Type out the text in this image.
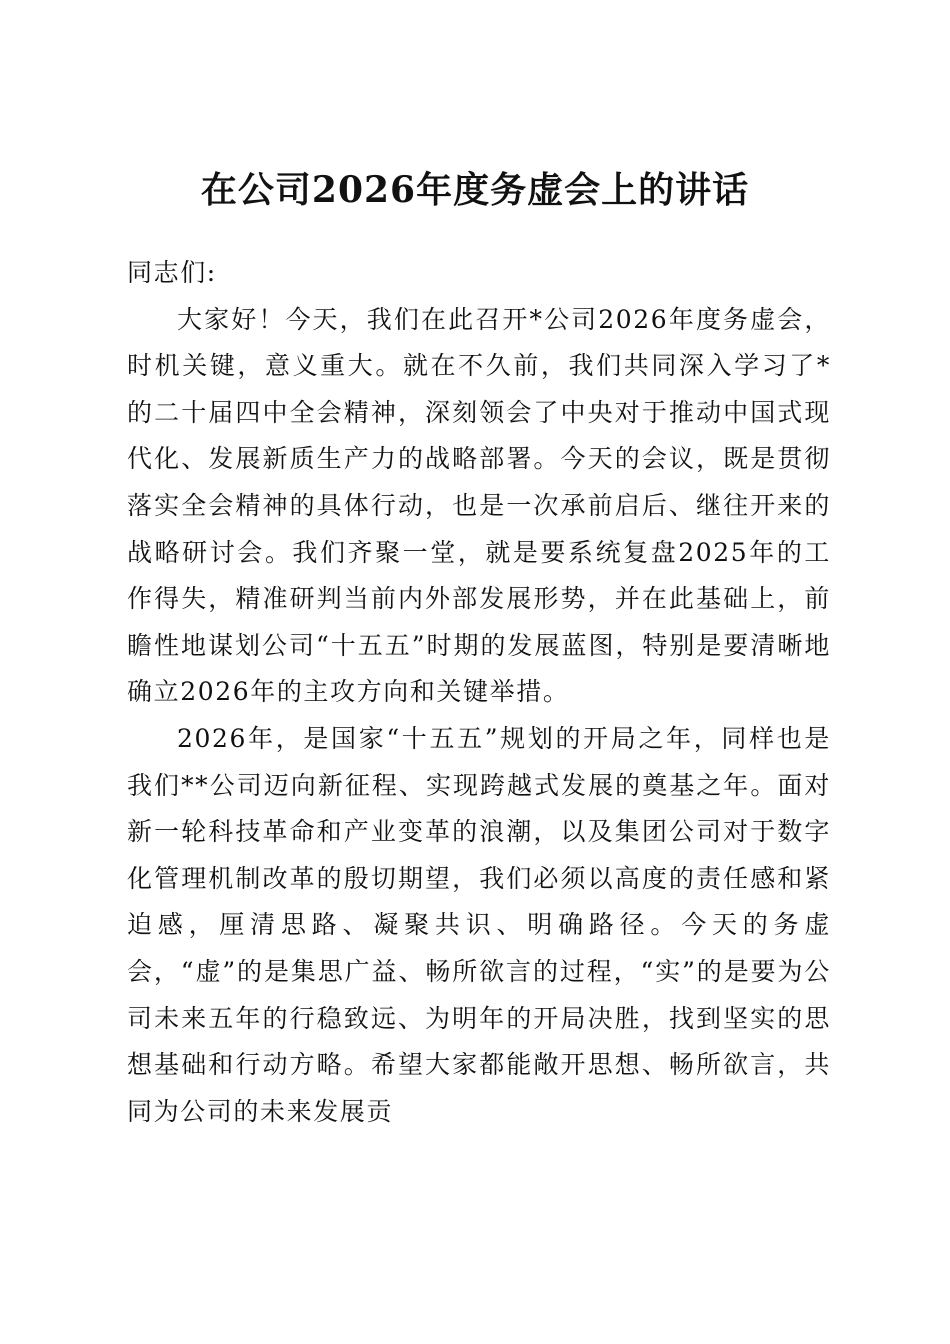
在公司2026年度务虚会上的讲话

同志们:

大家好！今天，我们在此召开*公司2026年度务虚会，时机关键，意义重大。就在不久前，我们共同深入学习了*的二十届四中全会精神，深刻领会了中央对于推动中国式现代化、发展新质生产力的战略部署。今天的会议，既是贯彻落实全会精神的具体行动，也是一次承前启后、继往开来的战略研讨会。我们齐聚一堂，就是要系统复盘2025年的工作得失，精准研判当前内外部发展形势，并在此基础上，前瞻性地谋划公司“十五五”时期的发展蓝图，特别是要清晰地确立2026年的主攻方向和关键举措。

2026年，是国家“十五五”规划的开局之年，同样也是我们**公司迈向新征程、实现跨越式发展的奠基之年。面对新一轮科技革命和产业变革的浪潮，以及集团公司对于数字化管理机制改革的殷切期望，我们必须以高度的责任感和紧迫感，厘清思路、凝聚共识、明确路径。今天的务虚会，“虚”的是集思广益、畅所欲言的过程，“实”的是要为公司未来五年的行稳致远、为明年的开局决胜，找到坚实的思想基础和行动方略。希望大家都能敞开思想、畅所欲言，共同为公司的未来发展贡
